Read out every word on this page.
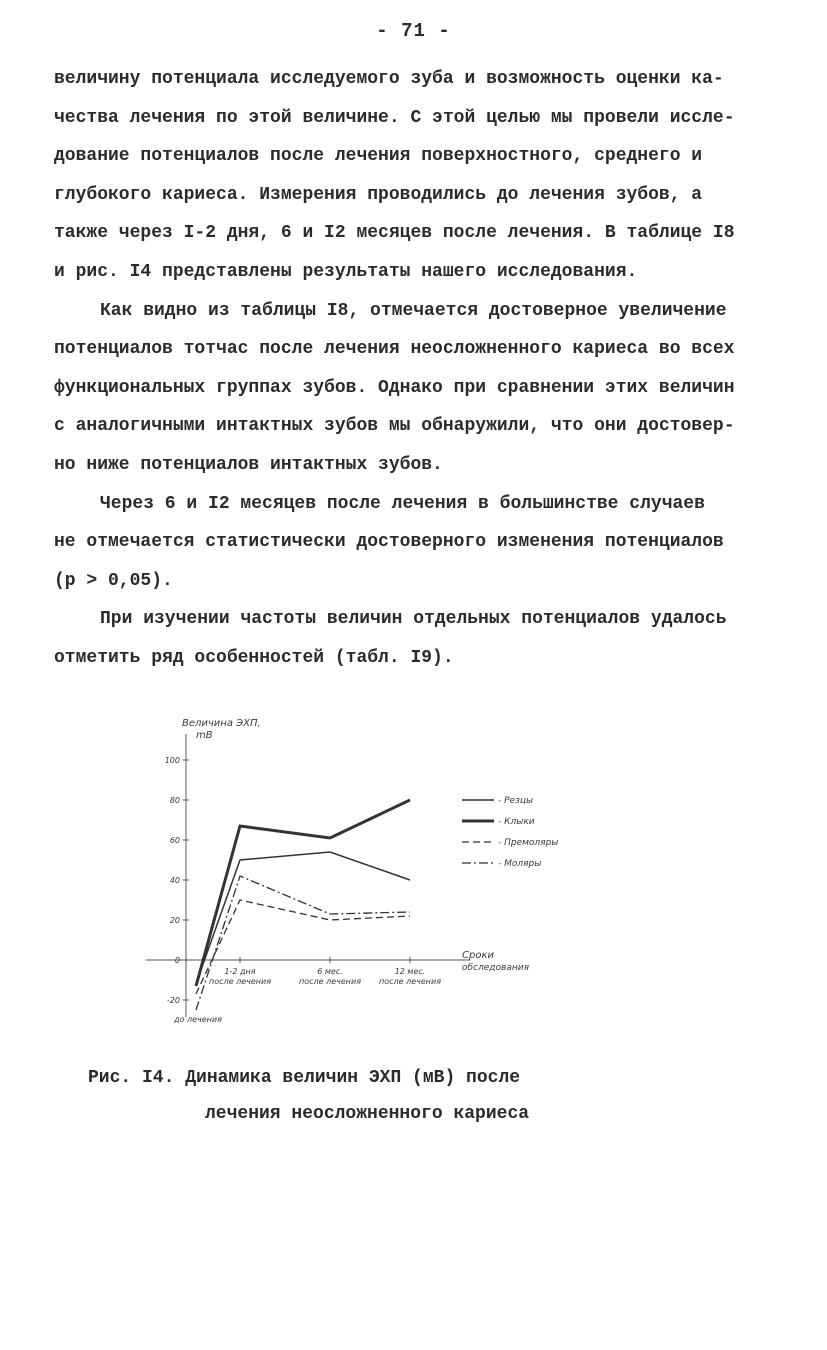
- 71 -
величину потенциала исследуемого зуба и возможность оценки ка-
чества лечения по этой величине. С этой целью мы провели иссле-
дование потенциалов после лечения поверхностного, среднего и
глубокого кариеса. Измерения проводились до лечения зубов, а
также через I-2 дня, 6 и I2 месяцев после лечения. В таблице I8
и рис. I4 представлены результаты нашего исследования.
Как видно из таблицы I8, отмечается достоверное увеличение
потенциалов тотчас после лечения неосложненного кариеса во всех
функциональных группах зубов. Однако при сравнении этих величин
с аналогичными интактных зубов мы обнаружили, что они достовер-
но ниже потенциалов интактных зубов.
Через 6 и I2 месяцев после лечения в большинстве случаев
не отмечается статистически достоверного изменения потенциалов
(p > 0,05).
При изучении частоты величин отдельных потенциалов удалось
отметить ряд особенностей (табл. I9).
Величина ЭХП,
mВ
100
80
60
40
20
0
-20
Сроки
обследования
до лечения
1-2 дня
после лечения
6 мес.
после лечения
12 мес.
после лечения
- Резцы
- Клыки
- Премоляры
- Моляры
Рис. I4. Динамика величин ЭХП (мВ) после
лечения неосложненного кариеса
